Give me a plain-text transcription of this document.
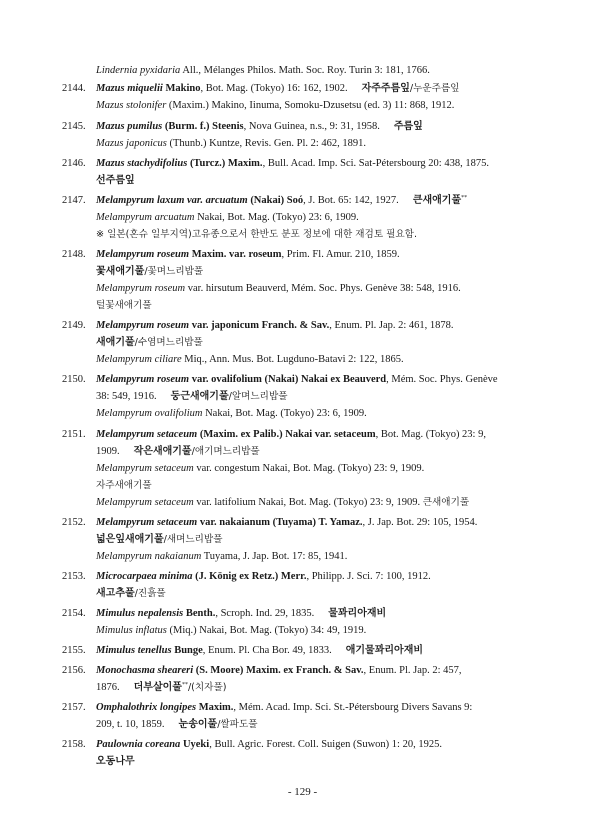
Lindernia pyxidaria All., Mélanges Philos. Math. Soc. Roy. Turin 3: 181, 1766.
2144. Mazus miquelii Makino, Bot. Mag. (Tokyo) 16: 162, 1902. 자주주름잎/누운주름잎
Mazus stolonifer (Maxim.) Makino, Iinuma, Somoku-Dzusetsu (ed. 3) 11: 868, 1912.
2145. Mazus pumilus (Burm. f.) Steenis, Nova Guinea, n.s., 9: 31, 1958. 주름잎
Mazus japonicus (Thunb.) Kuntze, Revis. Gen. Pl. 2: 462, 1891.
2146. Mazus stachydifolius (Turcz.) Maxim., Bull. Acad. Imp. Sci. Sat-Pétersbourg 20: 438, 1875.
선주름잎
2147. Melampyrum laxum var. arcuatum (Nakai) Soó, J. Bot. 65: 142, 1927. 큰새애기풀**
Melampyrum arcuatum Nakai, Bot. Mag. (Tokyo) 23: 6, 1909.
※ 일본(혼슈 일부지역)고유종으로서 한반도 분포 정보에 대한 재검토 필요함.
2148. Melampyrum roseum Maxim. var. roseum, Prim. Fl. Amur. 210, 1859.
꽃새애기풀/꽃며느리밥풀
Melampyrum roseum var. hirsutum Beauverd, Mém. Soc. Phys. Genève 38: 548, 1916.
털꽃새애기풀
2149. Melampyrum roseum var. japonicum Franch. & Sav., Enum. Pl. Jap. 2: 461, 1878.
새애기풀/수염며느리밥풀
Melampyrum ciliare Miq., Ann. Mus. Bot. Lugduno-Batavi 2: 122, 1865.
2150. Melampyrum roseum var. ovalifolium (Nakai) Nakai ex Beauverd, Mém. Soc. Phys. Genève
38: 549, 1916. 둥근새애기풀/알며느리밥풀
Melampyrum ovalifolium Nakai, Bot. Mag. (Tokyo) 23: 6, 1909.
2151. Melampyrum setaceum (Maxim. ex Palib.) Nakai var. setaceum, Bot. Mag. (Tokyo) 23: 9,
1909. 작은새애기풀/애기며느리밥풀
Melampyrum setaceum var. congestum Nakai, Bot. Mag. (Tokyo) 23: 9, 1909.
자주새애기풀
Melampyrum setaceum var. latifolium Nakai, Bot. Mag. (Tokyo) 23: 9, 1909. 큰새애기풀
2152. Melampyrum setaceum var. nakaianum (Tuyama) T. Yamaz., J. Jap. Bot. 29: 105, 1954.
넓은잎새애기풀/새며느리밥풀
Melampyrum nakaianum Tuyama, J. Jap. Bot. 17: 85, 1941.
2153. Microcarpaea minima (J. König ex Retz.) Merr., Philipp. J. Sci. 7: 100, 1912.
새고추풀/진흙풀
2154. Mimulus nepalensis Benth., Scroph. Ind. 29, 1835. 물꽈리아재비
Mimulus inflatus (Miq.) Nakai, Bot. Mag. (Tokyo) 34: 49, 1919.
2155. Mimulus tenellus Bunge, Enum. Pl. Cha Bor. 49, 1833. 애기물꽈리아재비
2156. Monochasma sheareri (S. Moore) Maxim. ex Franch. & Sav., Enum. Pl. Jap. 2: 457,
1876. 더부살이풀**/(치자풀)
2157. Omphalothrix longipes Maxim., Mém. Acad. Imp. Sci. St.-Pétersbourg Divers Savans 9:
209, t. 10, 1859. 눈송이풀/쌀파도풀
2158. Paulownia coreana Uyeki, Bull. Agric. Forest. Coll. Suigen (Suwon) 1: 20, 1925.
오동나무
- 129 -
